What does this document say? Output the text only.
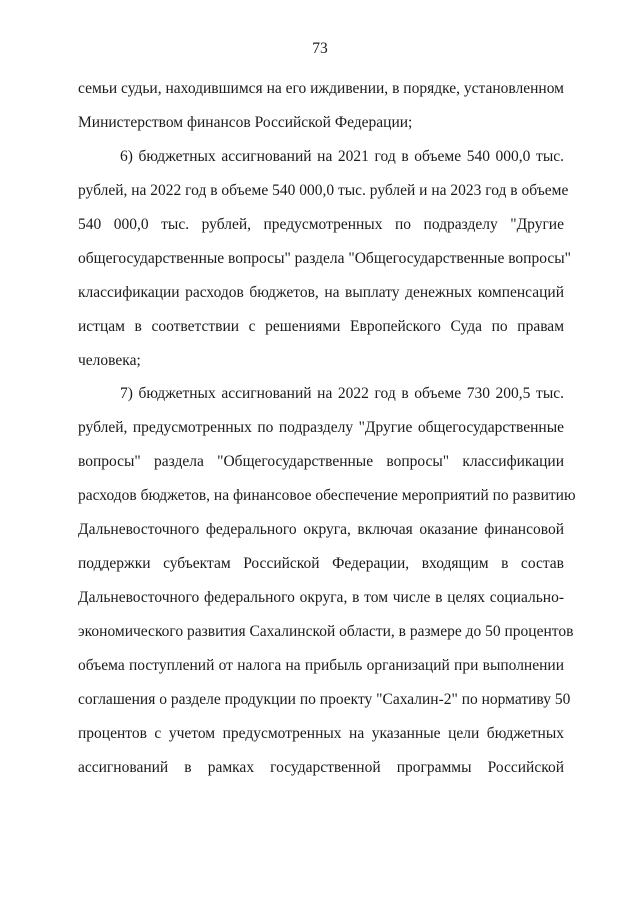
73
семьи судьи, находившимся на его иждивении, в порядке, установленном
Министерством финансов Российской Федерации;
6) бюджетных ассигнований на 2021 год в объеме 540 000,0 тыс.
рублей, на 2022 год в объеме 540 000,0 тыс. рублей и на 2023 год в объеме
540 000,0 тыс. рублей, предусмотренных по подразделу "Другие
общегосударственные вопросы" раздела "Общегосударственные вопросы"
классификации расходов бюджетов, на выплату денежных компенсаций
истцам в соответствии с решениями Европейского Суда по правам
человека;
7) бюджетных ассигнований на 2022 год в объеме 730 200,5 тыс.
рублей, предусмотренных по подразделу "Другие общегосударственные
вопросы" раздела "Общегосударственные вопросы" классификации
расходов бюджетов, на финансовое обеспечение мероприятий по развитию
Дальневосточного федерального округа, включая оказание финансовой
поддержки субъектам Российской Федерации, входящим в состав
Дальневосточного федерального округа, в том числе в целях социально-
экономического развития Сахалинской области, в размере до 50 процентов
объема поступлений от налога на прибыль организаций при выполнении
соглашения о разделе продукции по проекту "Сахалин-2" по нормативу 50
процентов с учетом предусмотренных на указанные цели бюджетных
ассигнований в рамках государственной программы Российской
